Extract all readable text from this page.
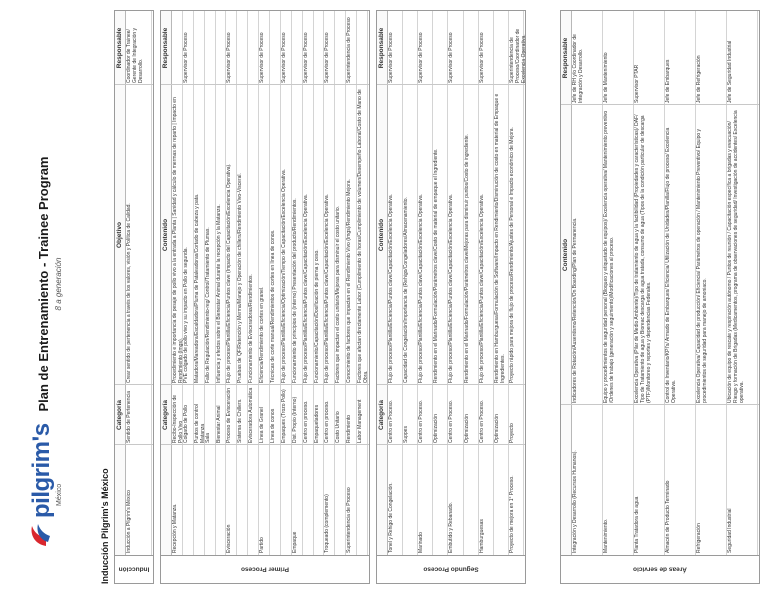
pilgrim's México
Plan de Entrenamiento - Trainee Program 8 a generación
Inducción Pilgrim's México Inducción
Categoría
Objetivo
Responsable
Inducción a Pilgrim's México
Sentido de Pertenencia
Crear sentido de pertenencia a través de los valores, visión y Política de Calidad.
Coordinador de Trainee/ Gerente de Integración y Desarrollo.
Primer Proceso
Categoría
Contenido
Responsable
Recepción y Matanza.
Recibo-Inspección de Pollo Vivo
Procedimiento e importancia de pesaje de pollo vivo a la entrada a Planta | Sanidad y cálculo de mermas de reparto | Impacto en Rendimiento (Imgs).
Colgado de Pollo
PVE colgado de pollo vivo y su impacto en Pollo de segunda.
Supervisor de Proceso
Puntos de control Matanza
Matadora/Mareadora/Escaldadora/Pluma de Pataleadoras/Cortado de cabeza y pata.
Sala
Fallo de Regulación/Rendimiento-reg/ Control/Tratamiento de Plumas.
Bienestar Animal
Influencia y efectos sobre el Bienestar Animal durante la recepción y la Matanza.
Evisceración
Proceso de Evisceración
Flujo de proceso/Plantilla/Eficiencia/Puntos clave (Impacto del Capacitación/Excelencia Operativa).
Supervisor de Proceso
Sistema de Chillers.
Pruebas de QF/Retención y Merma/Manejo y Operación de chillers/Rendimiento Vivo-Visceral.
Evisceradora Automática
Funcionamiento de Evisceradoras/Rendimientos.
Partido
Línea de Granel
Eficiencia/Rendimiento de cortes en granel.
Supervisor de Proceso
Línea de conos
Técnicas de corte manual/Rendimientos de cortes en línea de conos.
Empaques (Trozo Pollo)
Flujo de proceso/Plantilla/Eficiencia/Optimización/Tiempo de Capacitación/Excelencia Operativa.
Supervisor de Proceso
Empaque
Dist. Propio (Interno)
Funcionamiento de principios de (interno) Presentación del producto/Rendimientos.
Centro en proceso.
Flujo de proceso/Plantilla/Eficiencia/Puntos clave/Capacitación/Excelencia Operativa.
Supervisor de Proceso
Empaquetadores
Funcionamiento/Capacitación/Dosificación de pierna y ceso.
Troqueado (complemento)
Centro en proceso.
Flujo de proceso/Plantilla/Eficiencia/Puntos clave/Capacitación/Excelencia Operativa.
Supervisor de Proceso
Costo Unitario
Factores que impactan el costo unitario/Mejoras para disminuir el costo unitario.
Superintendencia de Proceso
Rendimiento
Conocimiento de factores que impactan en el Rendimiento Vivo (Imgs)/Rendimiento Mejora.
Superintendencia de Proceso
Labor Management
Factores que afectan directamente Labor (Cumplimiento de horas/Cumplimiento de volumen/Desempeño Laboral/Costo de Mano de Obra.
Segundo Proceso
Categoría
Contenido
Responsable
Tonel y Rehigo de Congelación.
Centro en Proceso.
Flujo de proceso/Plantilla/Eficiencia/Puntos clave/Capacitación/Excelencia Operativa.
Supervisor de Proceso
Suppes
Capacidad de Congelación/Importancia de (Rehigo/Congeladores/Almacenamiento.
Marinado
Centro en Proceso.
Flujo de proceso/Plantilla/Eficiencia/Puntos clave/Capacitación/Excelencia Operativa.
Supervisor de Proceso
Optimización
Rendimiento en el Marinado/Formulación/Parámetros clave/Costo de material de empaque el Ingrediente.
Embutido y Rebanado.
Centro en Proceso.
Flujo de proceso/Plantilla/Eficiencia/Puntos clave/Capacitación/Excelencia Operativa.
Supervisor de Proceso
Optimización
Rendimiento en el Marinado/Formulación/Parámetros clave/Mejoras para disminuir puntos/Costo de ingrediente.
Hamburguesas
Centro en Proceso.
Flujo de proceso/Plantilla/Eficiencia/Puntos clave/Capacitación/Excelencia Operativa.
Supervisor de Proceso
Optimización
Rendimiento en Hamburguesa/Formulación de Software/Impacto en Rendimiento/Disminución de costo en material de Empaque e Ingredientes.
Proyecto de mejora en 1° Proceso.
Proyecto
Proyecto rápido para mejora de flujo de proceso/Rendimiento/Ajustes de Personal e Impacto económico de Mejora.
Superintendencia de Proceso/Coordinador de Excelencia Operativa.
Áreas de servicio
Contenido
Responsable
Integración y Desarrollo (Recursos Humanos).
Indicadores de Rotación/Ausentismo/Retención/On Boarding/Plan de Permanencia.
Jefe de RH y/o Coordinador de Integración y Desarrollo.
Mantenimiento.
Equipo y procedimientos de seguridad personal (Bloqueo y etiquetado de equipos)/ Excelencia operativa/ Mantenimiento preventivo /Ordenes de trabajo (generación y seguimiento)/Modificaciones al proceso.
Jefe de Mantenimiento
Planta Tratadora de agua
Excelencia Operativa (Pilar de Medio Ambiente)/Tipo de tratamiento de agua y la factibilidad (Propiedades y características)/ DAF/ Tipo de Tratamiento de agua y Bioreac descarga de agua tratada, consumo de agua (Tipos de la condición particular de descarga (PTF)/Monitoreo y reportes y dependencias Federales.
Supervisor PTAR
Almacén de Producto Terminado
Control de Inventario/KPI's/ Armado de Embarques/ Eficiencia/ Utilización de Unidades/Planilla/Flujo de proceso/ Excelencia Operativa.
Jefe de Embarques
Refrigeración
Excelencia Operativa/ Capacidad de producción/ Eficiencia/ Parámetros de operación / Mantenimiento Preventivo/ Equipo y procedimientos de seguridad para manejo de amoniaco.
Jefe de Refrigeración
Seguridad Industrial
Ubicación de equipo de rescate y respiración autónomo / Puntos de reunión / Capacitación específica a brigadas y evacuación/ Riesgo y formación de Brigadas (Medicamentos, programa de observaciones de seguridad/ Investigación de accidentes/ Excelencia operativa.
Jefe de Seguridad Industrial
